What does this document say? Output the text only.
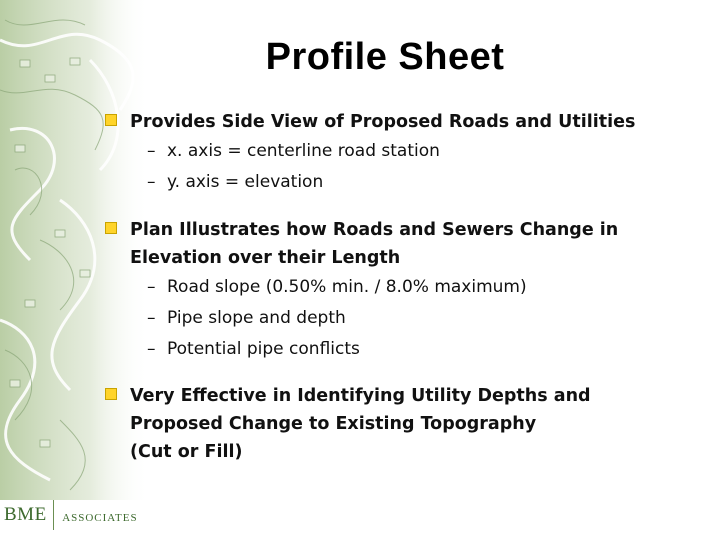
Profile Sheet
Provides Side View of Proposed Roads and Utilities
– x. axis = centerline road station
– y. axis = elevation
Plan Illustrates how Roads and Sewers Change in
Elevation over their Length
– Road slope (0.50% min. / 8.0% maximum)
– Pipe slope and depth
– Potential pipe conflicts
Very Effective in Identifying Utility Depths and
Proposed Change to Existing Topography
(Cut or Fill)
BME ASSOCIATES
